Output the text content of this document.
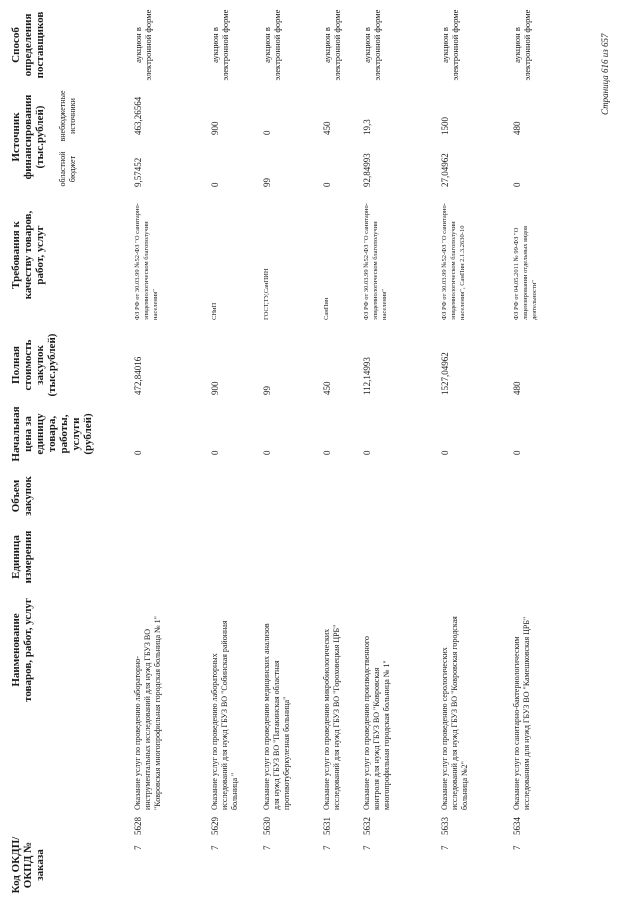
Код ОКДП/ ОКПД № заказа
Наименование товаров, работ, услуг
Единица измерения
Объем закупок
Начальная цена за единицу товара, работы, услуги (рублей)
Полная стоимость закупок (тыс.рублей)
Требования к качеству товаров, работ, услуг
Источник финансирования (тыс.рублей)
областной бюджет
внебюджетные источники
Способ определения поставщиков
7
5628
Оказание услуг по проведению лабораторно-инструментальных исследований для нужд ГБУЗ ВО "Ковровская многопрофильная городская больница № 1"
0
472,84016
ФЗ РФ от 30.03.99 №52-ФЗ "О санитарно-эпидемиологическом благополучии населения"
9,57452
463,26564
аукцион в электронной форме
7
5629
Оказание услуг по проведению лабораторных исследований для нужд ГБУЗ ВО "Собинская районная больница "
0
900
СНиП
0
900
аукцион в электронной форме
7
5630
Оказание услуг по проведению медицинских анализов для нужд ГБУЗ ВО "Патакинская областная противотуберкулезная больница"
0
99
ГОСТ,ТУ,СанПИН
99
0
аукцион в электронной форме
7
5631
Оказание услуг по проведению микробиологических исследований для нужд ГБУЗ ВО "Гороховецкая ЦРБ"
0
450
СанПин
0
450
аукцион в электронной форме
7
5632
Оказание услуг по проведению производственного контроля для нужд ГБУЗ ВО "Ковровская многопрофильная городская больница № 1"
0
112,14993
ФЗ РФ от 30.03.99 №52-ФЗ "О санитарно-эпидемиологическом благополучии населения"
92,84993
19,3
аукцион в электронной форме
7
5633
Оказание услуг по проведению серологических исследований для нужд ГБУЗ ВО "Ковровская городская больница №2"
0
1527,04962
ФЗ РФ от 30.03.99 №52-ФЗ "О санитарно-эпидемиологическом благополучии населения", СанПин 2.1.3.2630-10
27,04962
1500
аукцион в электронной форме
7
5634
Оказание услуг по санитарно-бактериологическим исследованиям для нужд ГБУЗ ВО "Камешковская ЦРБ"
0
480
ФЗ РФ от 04.05.2011 № 99-ФЗ "О лицензировании отдельных видов деятельности"
0
480
аукцион в электронной форме	Страница 616 из 657
